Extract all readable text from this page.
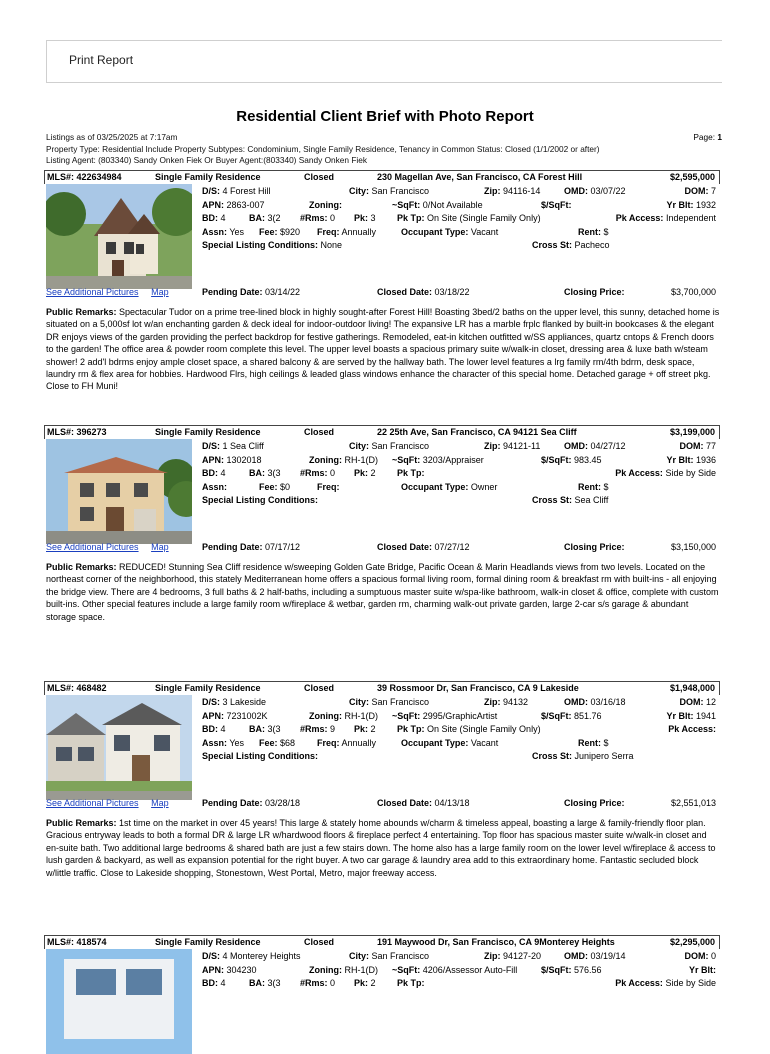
Print Report
Residential Client Brief with Photo Report
Listings as of 03/25/2025 at 7:17am	Page: 1
Property Type: Residential Include Property Subtypes: Condominium, Single Family Residence, Tenancy in Common Status: Closed (1/1/2002 or after)
Listing Agent: (803340) Sandy Onken Fiek Or Buyer Agent:(803340) Sandy Onken Fiek
MLS#: 422634984	Single Family Residence	Closed	230 Magellan Ave, San Francisco, CA Forest Hill	$2,595,000
D/S: 4 Forest Hill	City: San Francisco	Zip: 94116-14	OMD: 03/07/22	DOM: 7
APN: 2863-007	Zoning:	~SqFt: 0/Not Available	$/SqFt:	Yr Blt: 1932
BD: 4	BA: 3(2 #Rms: 0 Pk: 3 Pk Tp: On Site (Single Family Only)	Pk Access: Independent
Assn: Yes Fee: $920 Freq: Annually	Occupant Type: Vacant	Rent: $
Special Listing Conditions: None	Cross St: Pacheco
See Additional Pictures Map	Pending Date: 03/14/22	Closed Date: 03/18/22	Closing Price:	$3,700,000
Public Remarks: Spectacular Tudor on a prime tree-lined block in highly sought-after Forest Hill! Boasting 3bed/2 baths on the upper level, this sunny, detached home is situated on a 5,000sf lot w/an enchanting garden & deck ideal for indoor-outdoor living! The expansive LR has a marble frplc flanked by built-in bookcases & the elegant DR enjoys views of the garden providing the perfect backdrop for festive gatherings. Remodeled, eat-in kitchen outfitted w/SS appliances, quartz cntops & French doors to the garden! The office area & powder room complete this level. The upper level boasts a spacious primary suite w/walk-in closet, dressing area & luxe bath w/steam shower! 2 add'l bdrms enjoy ample closet space, a shared balcony & are served by the hallway bath. The lower level features a lrg family rm/4th bdrm, desk space, laundry rm & flex area for hobbies. Hardwood Flrs, high ceilings & leaded glass windows enhance the character of this special home. Detached garage + off street pkg. Close to FH Muni!
MLS#: 396273	Single Family Residence	Closed	22 25th Ave, San Francisco, CA 94121 Sea Cliff	$3,199,000
D/S: 1 Sea Cliff	City: San Francisco	Zip: 94121-11	OMD: 04/27/12	DOM: 77
APN: 1302018	Zoning: RH-1(D) ~SqFt: 3203/Appraiser	$/SqFt: 983.45	Yr Blt: 1936
BD: 4	BA: 3(3 #Rms: 0 Pk: 2 Pk Tp:	Pk Access: Side by Side
Assn:	Fee: $0	Freq:	Occupant Type: Owner	Rent: $
Special Listing Conditions:	Cross St: Sea Cliff
See Additional Pictures Map	Pending Date: 07/17/12	Closed Date: 07/27/12	Closing Price:	$3,150,000
Public Remarks: REDUCED! Stunning Sea Cliff residence w/sweeping Golden Gate Bridge, Pacific Ocean & Marin Headlands views from two levels. Located on the northeast corner of the neighborhood, this stately Mediterranean home offers a spacious formal living room, formal dining room & breakfast rm with built-ins - all enjoying the bridge view. There are 4 bedrooms, 3 full baths & 2 half-baths, including a sumptuous master suite w/spa-like bathroom, walk-in closet & office, complete with custom built-ins. Other special features include a large family room w/fireplace & wetbar, garden rm, charming walk-out private garden, large 2-car s/s garage & abundant storage space.
MLS#: 468482	Single Family Residence	Closed	39 Rossmoor Dr, San Francisco, CA 9 Lakeside	$1,948,000
D/S: 3 Lakeside	City: San Francisco	Zip: 94132	OMD: 03/16/18	DOM: 12
APN: 7231002K	Zoning: RH-1(D) ~SqFt: 2995/GraphicArtist	$/SqFt: 851.76	Yr Blt: 1941
BD: 4	BA: 3(3 #Rms: 9 Pk: 2 Pk Tp: On Site (Single Family Only)	Pk Access:
Assn: Yes Fee: $68 Freq: Annually	Occupant Type: Vacant	Rent: $
Special Listing Conditions:	Cross St: Junipero Serra
See Additional Pictures Map	Pending Date: 03/28/18	Closed Date: 04/13/18	Closing Price:	$2,551,013
Public Remarks: 1st time on the market in over 45 years! This large & stately home abounds w/charm & timeless appeal, boasting a large & family-friendly floor plan. Gracious entryway leads to both a formal DR & large LR w/hardwood floors & fireplace perfect 4 entertaining. Top floor has spacious master suite w/walk-in closet and en-suite bath. Two additional large bedrooms & shared bath are just a few stairs down. The home also has a large family room on the lower level w/fireplace & access to lush garden & backyard, as well as expansion potential for the right buyer. A two car garage & laundry area add to this extraordinary home. Fantastic secluded block w/little traffic. Close to Lakeside shopping, Stonestown, West Portal, Metro, major freeway access.
MLS#: 418574	Single Family Residence	Closed	191 Maywood Dr, San Francisco, CA 9Monterey Heights	$2,295,000
D/S: 4 Monterey Heights	City: San Francisco	Zip: 94127-20	OMD: 03/19/14	DOM: 0
APN: 304230	Zoning: RH-1(D) ~SqFt: 4206/Assessor Auto-Fill	$/SqFt: 576.56	Yr Blt:
BD: 4	BA: 3(3 #Rms: 0 Pk: 2 Pk Tp:	Pk Access: Side by Side
